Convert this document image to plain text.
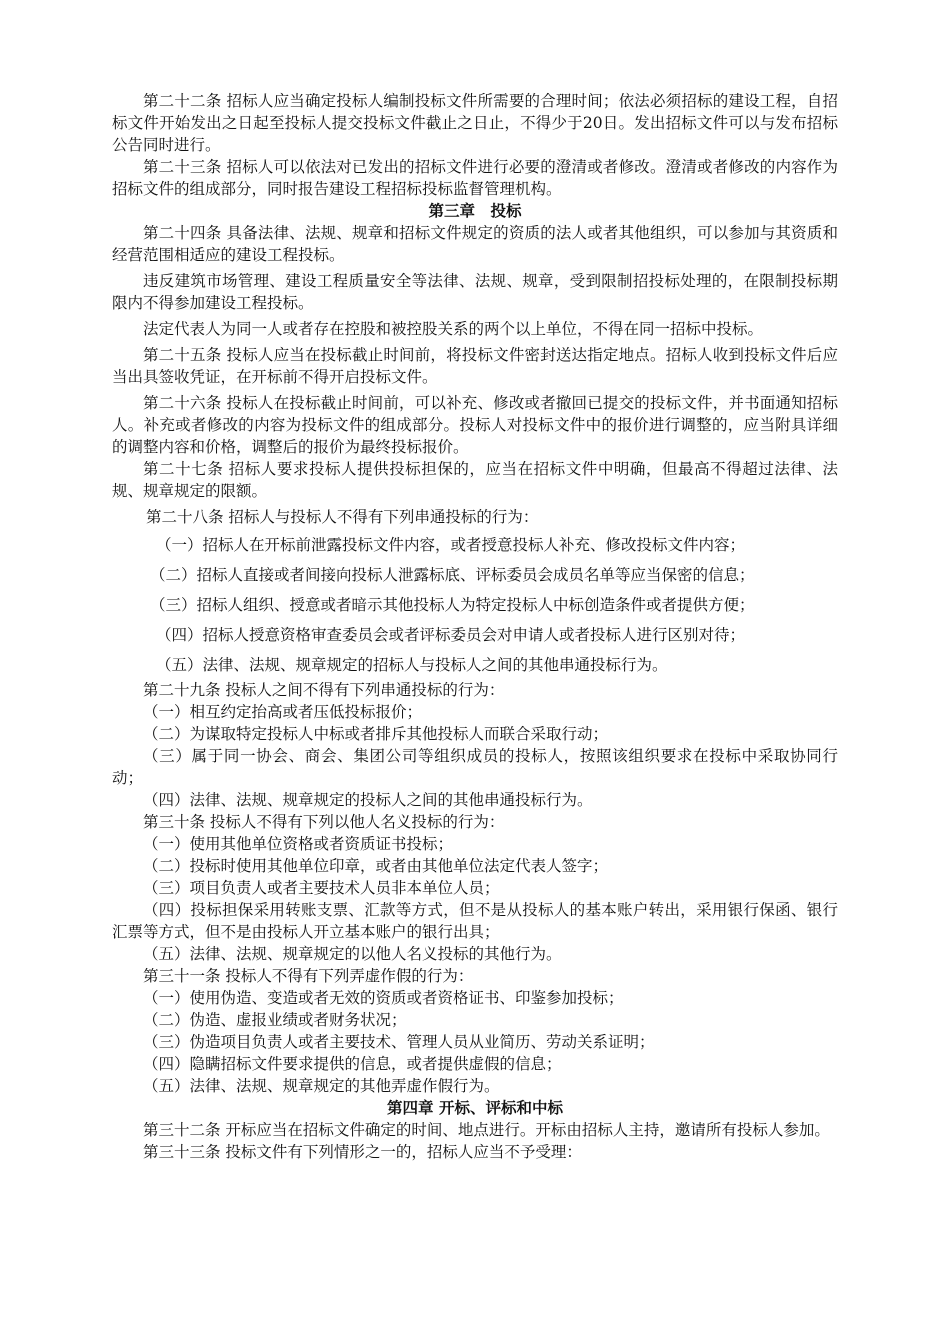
第二十二条 招标人应当确定投标人编制投标文件所需要的合理时间；依法必须招标的建设工程，自招标文件开始发出之日起至投标人提交投标文件截止之日止，不得少于20日。发出招标文件可以与发布招标公告同时进行。

第二十三条 招标人可以依法对已发出的招标文件进行必要的澄清或者修改。澄清或者修改的内容作为招标文件的组成部分，同时报告建设工程招标投标监督管理机构。

第三章　投标

第二十四条 具备法律、法规、规章和招标文件规定的资质的法人或者其他组织，可以参加与其资质和经营范围相适应的建设工程投标。

违反建筑市场管理、建设工程质量安全等法律、法规、规章，受到限制招投标处理的，在限制投标期限内不得参加建设工程投标。

法定代表人为同一人或者存在控股和被控股关系的两个以上单位，不得在同一招标中投标。

第二十五条 投标人应当在投标截止时间前，将投标文件密封送达指定地点。招标人收到投标文件后应当出具签收凭证，在开标前不得开启投标文件。

第二十六条 投标人在投标截止时间前，可以补充、修改或者撤回已提交的投标文件，并书面通知招标人。补充或者修改的内容为投标文件的组成部分。投标人对投标文件中的报价进行调整的，应当附具详细的调整内容和价格，调整后的报价为最终投标报价。

第二十七条 招标人要求投标人提供投标担保的，应当在招标文件中明确，但最高不得超过法律、法规、规章规定的限额。

第二十八条 招标人与投标人不得有下列串通投标的行为：

（一）招标人在开标前泄露投标文件内容，或者授意投标人补充、修改投标文件内容；

（二）招标人直接或者间接向投标人泄露标底、评标委员会成员名单等应当保密的信息；

（三）招标人组织、授意或者暗示其他投标人为特定投标人中标创造条件或者提供方便；

（四）招标人授意资格审查委员会或者评标委员会对申请人或者投标人进行区别对待；

（五）法律、法规、规章规定的招标人与投标人之间的其他串通投标行为。

第二十九条 投标人之间不得有下列串通投标的行为：

（一）相互约定抬高或者压低投标报价；

（二）为谋取特定投标人中标或者排斥其他投标人而联合采取行动；

（三）属于同一协会、商会、集团公司等组织成员的投标人，按照该组织要求在投标中采取协同行动；

（四）法律、法规、规章规定的投标人之间的其他串通投标行为。

第三十条 投标人不得有下列以他人名义投标的行为：

（一）使用其他单位资格或者资质证书投标；

（二）投标时使用其他单位印章，或者由其他单位法定代表人签字；

（三）项目负责人或者主要技术人员非本单位人员；

（四）投标担保采用转账支票、汇款等方式，但不是从投标人的基本账户转出，采用银行保函、银行汇票等方式，但不是由投标人开立基本账户的银行出具；

（五）法律、法规、规章规定的以他人名义投标的其他行为。

第三十一条 投标人不得有下列弄虚作假的行为：

（一）使用伪造、变造或者无效的资质或者资格证书、印鉴参加投标；

（二）伪造、虚报业绩或者财务状况；

（三）伪造项目负责人或者主要技术、管理人员从业简历、劳动关系证明；

（四）隐瞒招标文件要求提供的信息，或者提供虚假的信息；

（五）法律、法规、规章规定的其他弄虚作假行为。

第四章 开标、评标和中标

第三十二条 开标应当在招标文件确定的时间、地点进行。开标由招标人主持，邀请所有投标人参加。

第三十三条 投标文件有下列情形之一的，招标人应当不予受理：
